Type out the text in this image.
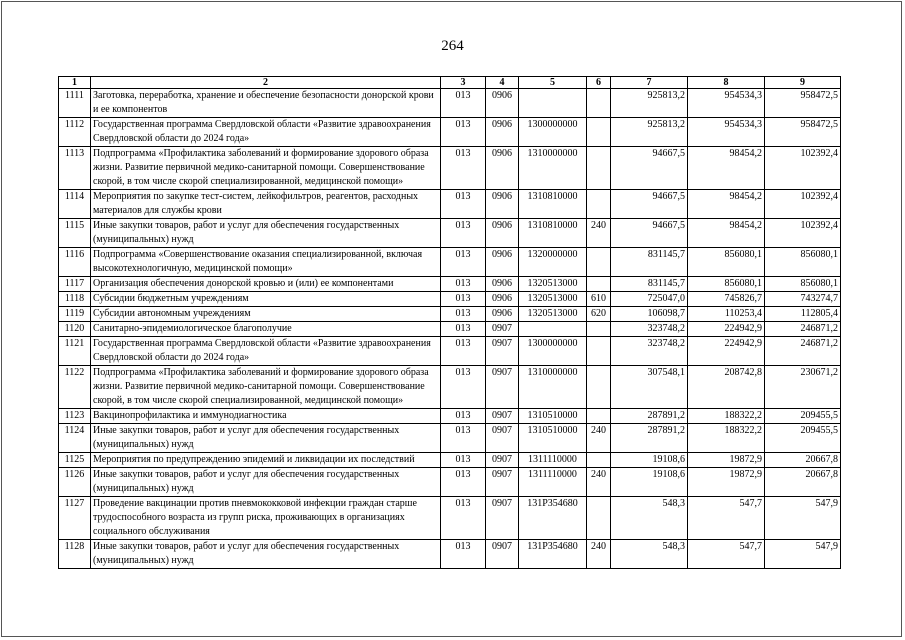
264
1	2	3	4	5	6	7	8	9
1111	Заготовка, переработка, хранение и обеспечение безопасности донорской крови и ее компонентов	013	0906			925813,2	954534,3	958472,5
1112	Государственная программа Свердловской области «Развитие здравоохранения Свердловской области до 2024 года»	013	0906	1300000000		925813,2	954534,3	958472,5
1113	Подпрограмма «Профилактика заболеваний и формирование здорового образа жизни. Развитие первичной медико-санитарной помощи. Совершенствование скорой, в том числе скорой специализированной, медицинской помощи»	013	0906	1310000000		94667,5	98454,2	102392,4
1114	Мероприятия по закупке тест-систем, лейкофильтров, реагентов, расходных материалов для службы крови	013	0906	1310810000		94667,5	98454,2	102392,4
1115	Иные закупки товаров, работ и услуг для обеспечения государственных (муниципальных) нужд	013	0906	1310810000	240	94667,5	98454,2	102392,4
1116	Подпрограмма «Совершенствование оказания специализированной, включая высокотехнологичную, медицинской помощи»	013	0906	1320000000		831145,7	856080,1	856080,1
1117	Организация обеспечения донорской кровью и (или) ее компонентами	013	0906	1320513000		831145,7	856080,1	856080,1
1118	Субсидии бюджетным учреждениям	013	0906	1320513000	610	725047,0	745826,7	743274,7
1119	Субсидии автономным учреждениям	013	0906	1320513000	620	106098,7	110253,4	112805,4
1120	Санитарно-эпидемиологическое благополучие	013	0907			323748,2	224942,9	246871,2
1121	Государственная программа Свердловской области «Развитие здравоохранения Свердловской области до 2024 года»	013	0907	1300000000		323748,2	224942,9	246871,2
1122	Подпрограмма «Профилактика заболеваний и формирование здорового образа жизни. Развитие первичной медико-санитарной помощи. Совершенствование скорой, в том числе скорой специализированной, медицинской помощи»	013	0907	1310000000		307548,1	208742,8	230671,2
1123	Вакцинопрофилактика и иммунодиагностика	013	0907	1310510000		287891,2	188322,2	209455,5
1124	Иные закупки товаров, работ и услуг для обеспечения государственных (муниципальных) нужд	013	0907	1310510000	240	287891,2	188322,2	209455,5
1125	Мероприятия по предупреждению эпидемий и ликвидации их последствий	013	0907	1311110000		19108,6	19872,9	20667,8
1126	Иные закупки товаров, работ и услуг для обеспечения государственных (муниципальных) нужд	013	0907	1311110000	240	19108,6	19872,9	20667,8
1127	Проведение вакцинации против пневмококковой инфекции граждан старше трудоспособного возраста из групп риска, проживающих в организациях социального обслуживания	013	0907	131P354680		548,3	547,7	547,9
1128	Иные закупки товаров, работ и услуг для обеспечения государственных (муниципальных) нужд	013	0907	131P354680	240	548,3	547,7	547,9
